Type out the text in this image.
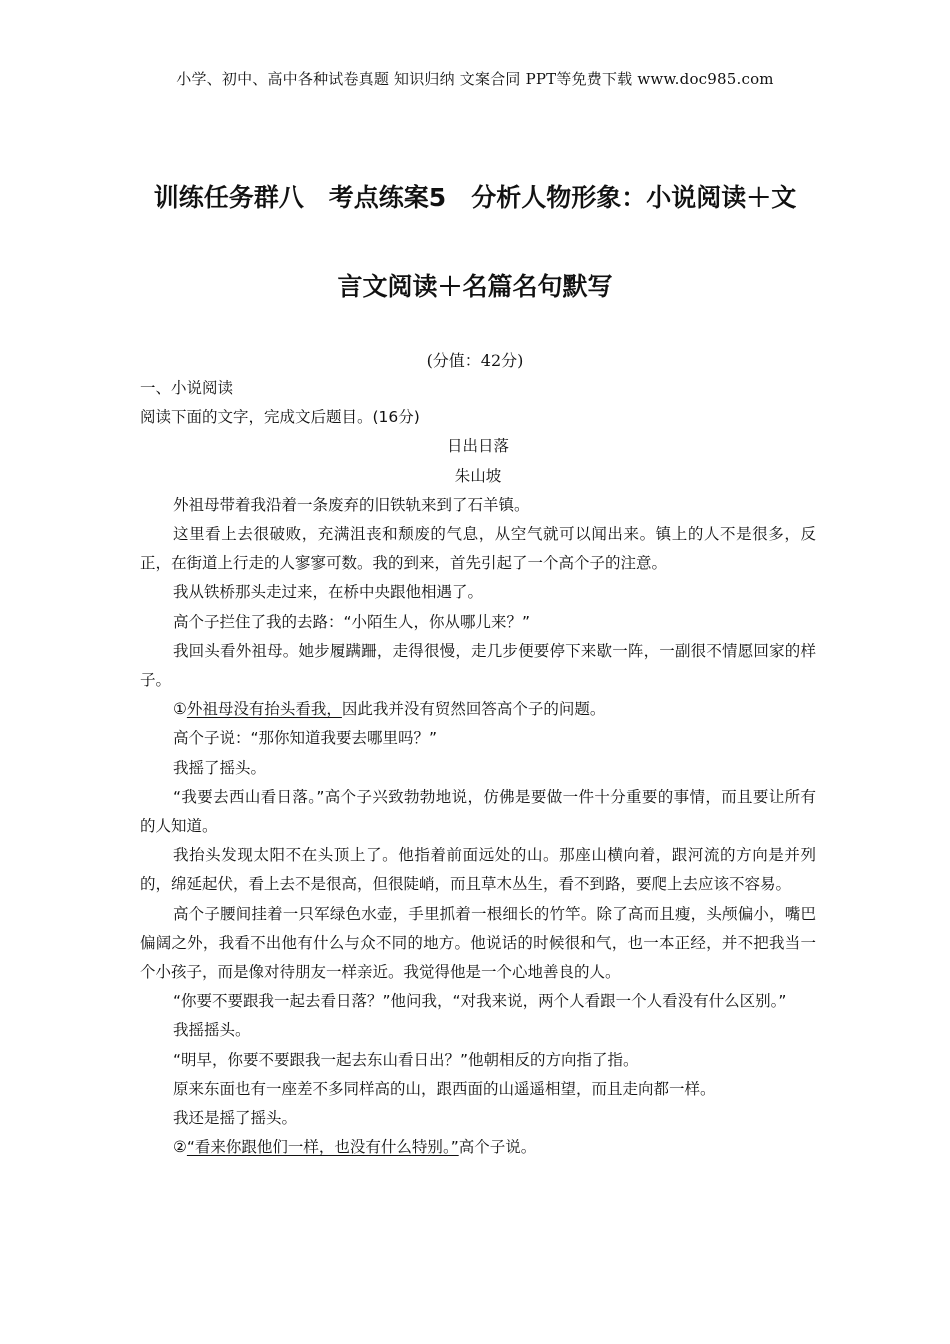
小学、初中、高中各种试卷真题 知识归纳 文案合同 PPT等免费下载 www.doc985.com
训练任务群八　考点练案5　分析人物形象：小说阅读＋文
言文阅读＋名篇名句默写
(分值：42分)

一、小说阅读

阅读下面的文字，完成文后题目。(16分)

日出日落

朱山坡

外祖母带着我沿着一条废弃的旧铁轨来到了石羊镇。

这里看上去很破败，充满沮丧和颓废的气息，从空气就可以闻出来。镇上的人不是很多，反正，在街道上行走的人寥寥可数。我的到来，首先引起了一个高个子的注意。

我从铁桥那头走过来，在桥中央跟他相遇了。

高个子拦住了我的去路：“小陌生人，你从哪儿来？”

我回头看外祖母。她步履蹒跚，走得很慢，走几步便要停下来歇一阵，一副很不情愿回家的样子。

①外祖母没有抬头看我，因此我并没有贸然回答高个子的问题。

高个子说：“那你知道我要去哪里吗？”

我摇了摇头。

“我要去西山看日落。”高个子兴致勃勃地说，仿佛是要做一件十分重要的事情，而且要让所有的人知道。

我抬头发现太阳不在头顶上了。他指着前面远处的山。那座山横向着，跟河流的方向是并列的，绵延起伏，看上去不是很高，但很陡峭，而且草木丛生，看不到路，要爬上去应该不容易。

高个子腰间挂着一只军绿色水壶，手里抓着一根细长的竹竿。除了高而且瘦，头颅偏小，嘴巴偏阔之外，我看不出他有什么与众不同的地方。他说话的时候很和气，也一本正经，并不把我当一个小孩子，而是像对待朋友一样亲近。我觉得他是一个心地善良的人。

“你要不要跟我一起去看日落？”他问我，“对我来说，两个人看跟一个人看没有什么区别。”

我摇摇头。

“明早，你要不要跟我一起去东山看日出？”他朝相反的方向指了指。

原来东面也有一座差不多同样高的山，跟西面的山遥遥相望，而且走向都一样。

我还是摇了摇头。

②“看来你跟他们一样，也没有什么特别。”高个子说。
